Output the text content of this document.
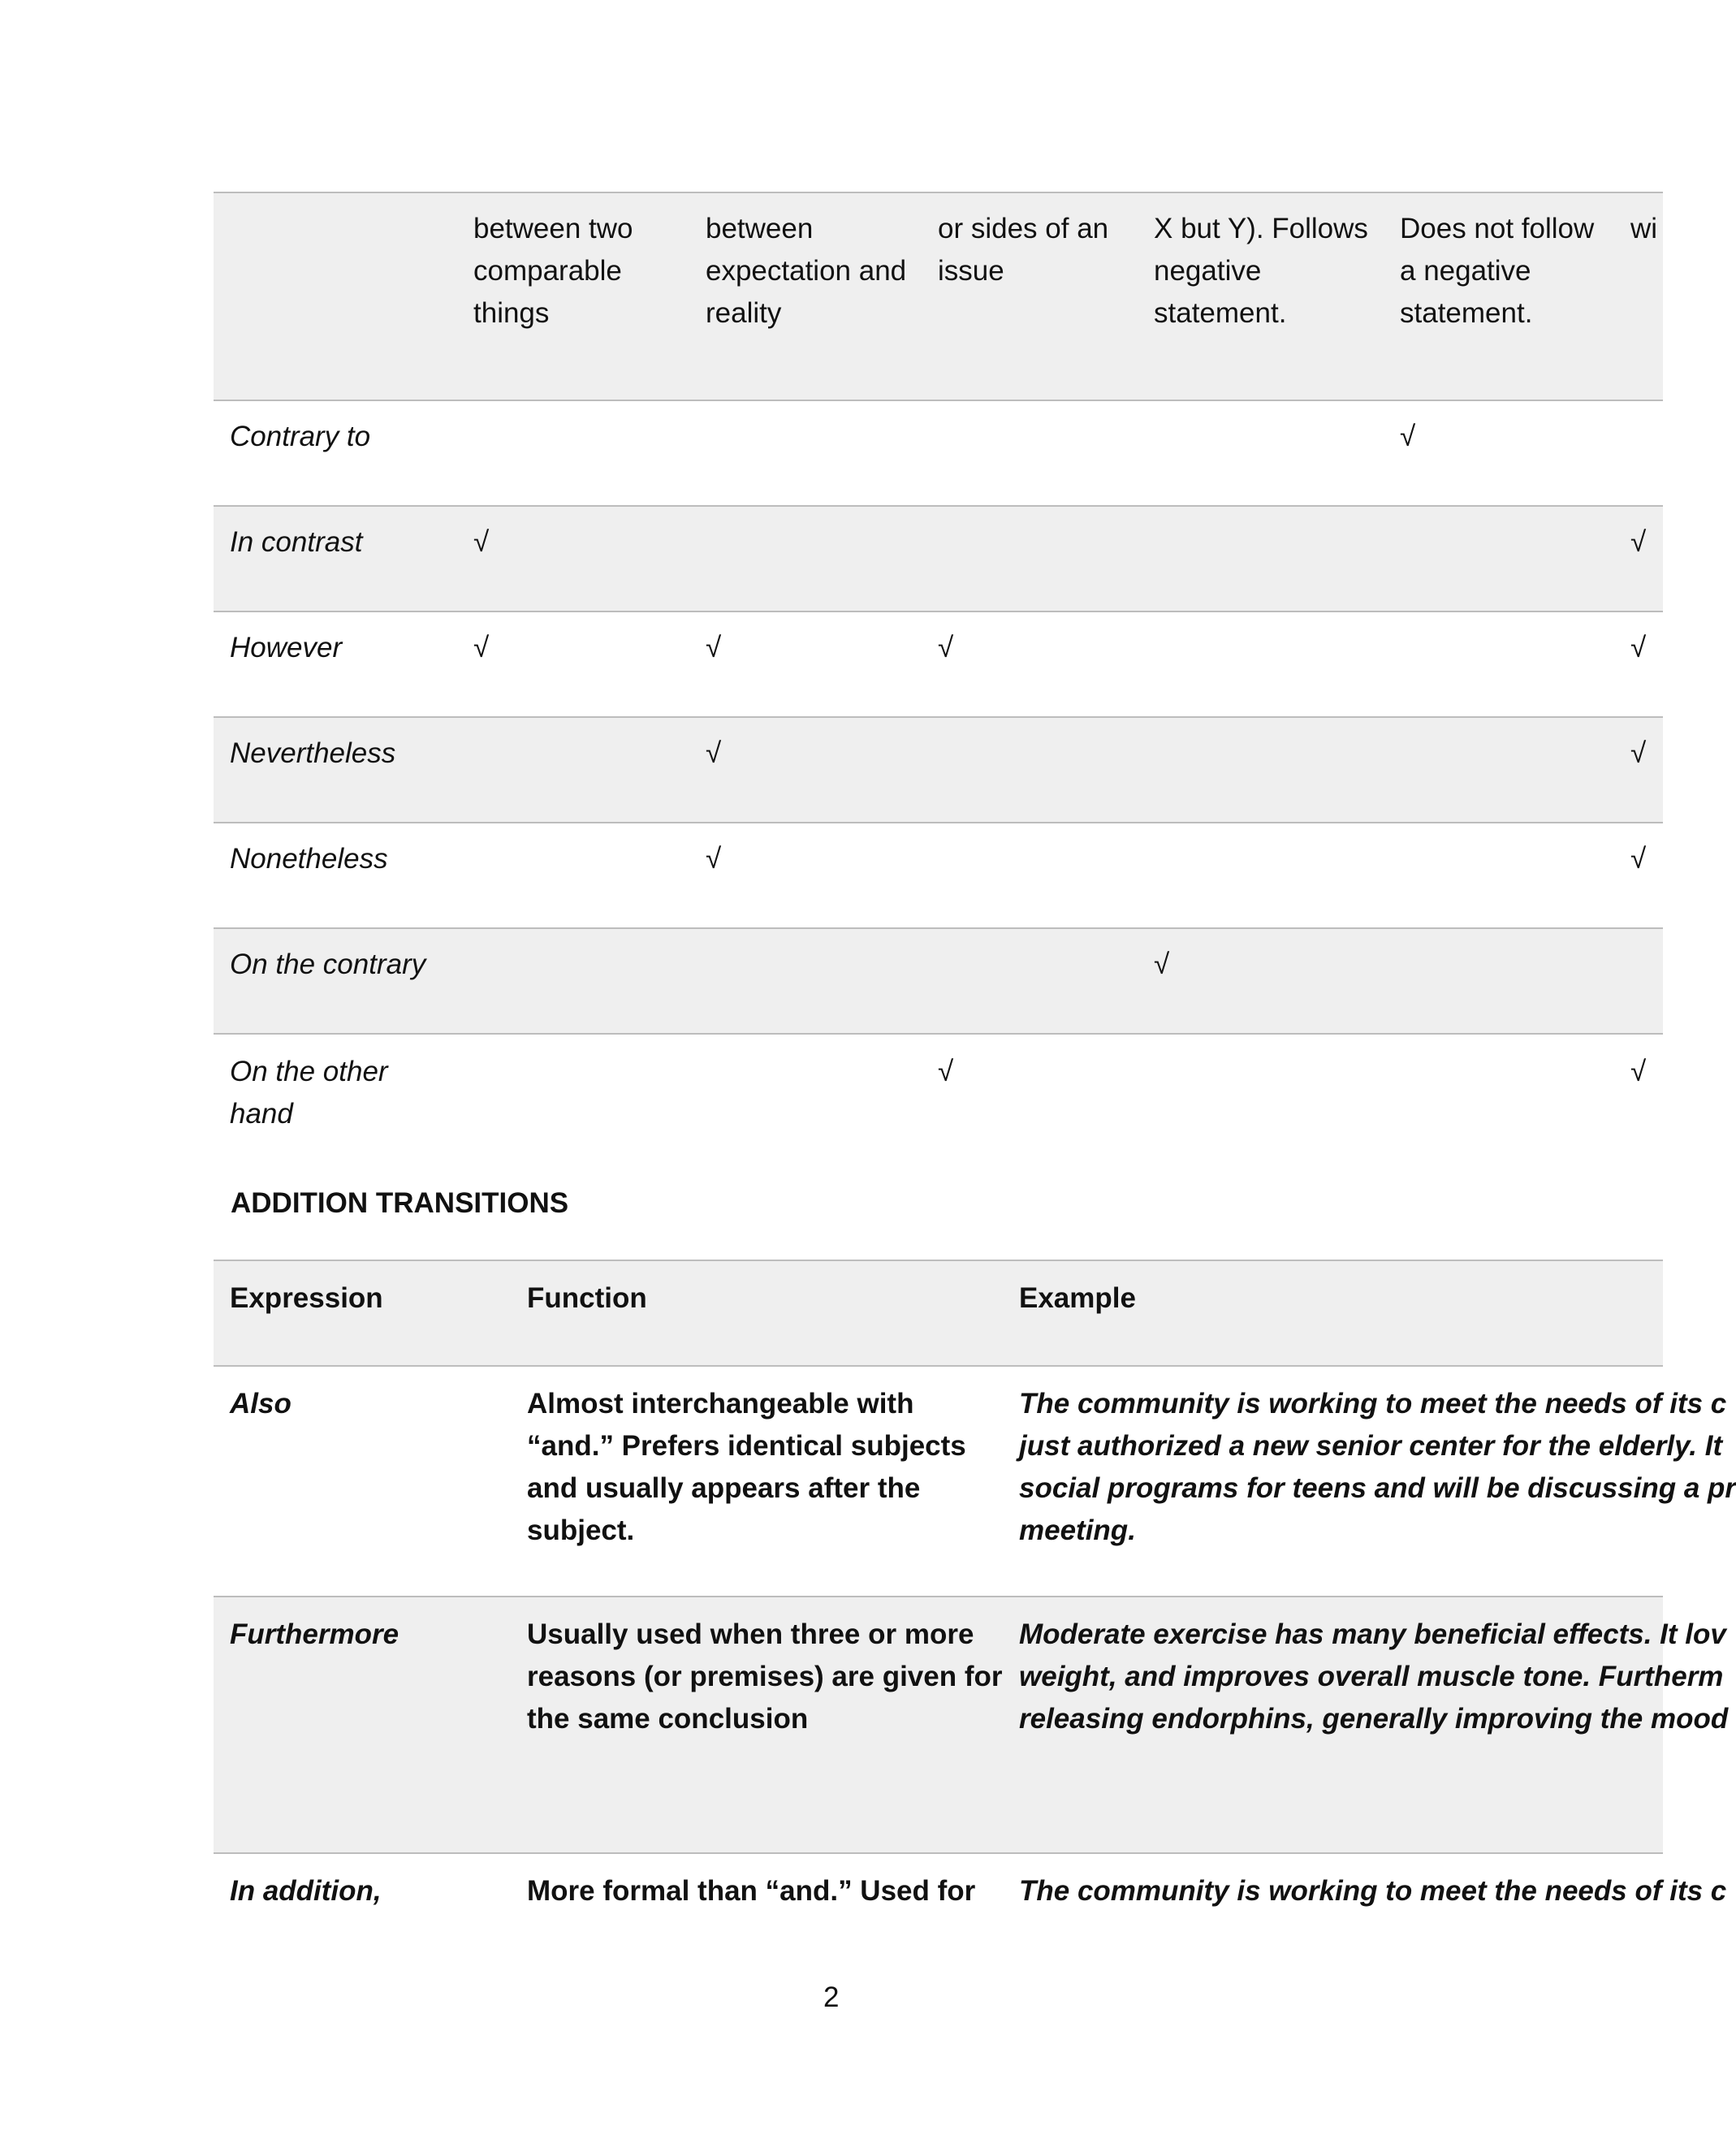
	between two comparable things	between expectation and reality	or sides of an issue	X but Y). Follows negative statement.	Does not follow a negative statement.	wi
Contrary to					√	
In contrast	√					√
However	√	√	√			√
Nevertheless		√				√
Nonetheless		√				√
On the contrary				√		
On the other hand			√			√
ADDITION TRANSITIONS
Expression	Function	Example
Also	Almost interchangeable with “and.” Prefers identical subjects and usually appears after the subject.	The community is working to meet the needs of its c
just authorized a new senior center for the elderly. It
social programs for teens and will be discussing a pr
meeting.

Furthermore	Usually used when three or more reasons (or premises) are given for the same conclusion	Moderate exercise has many beneficial effects. It lov
weight, and improves overall muscle tone. Furtherm
releasing endorphins, generally improving the mood

In addition,	More formal than “and.” Used for	The community is working to meet the needs of its c
2
